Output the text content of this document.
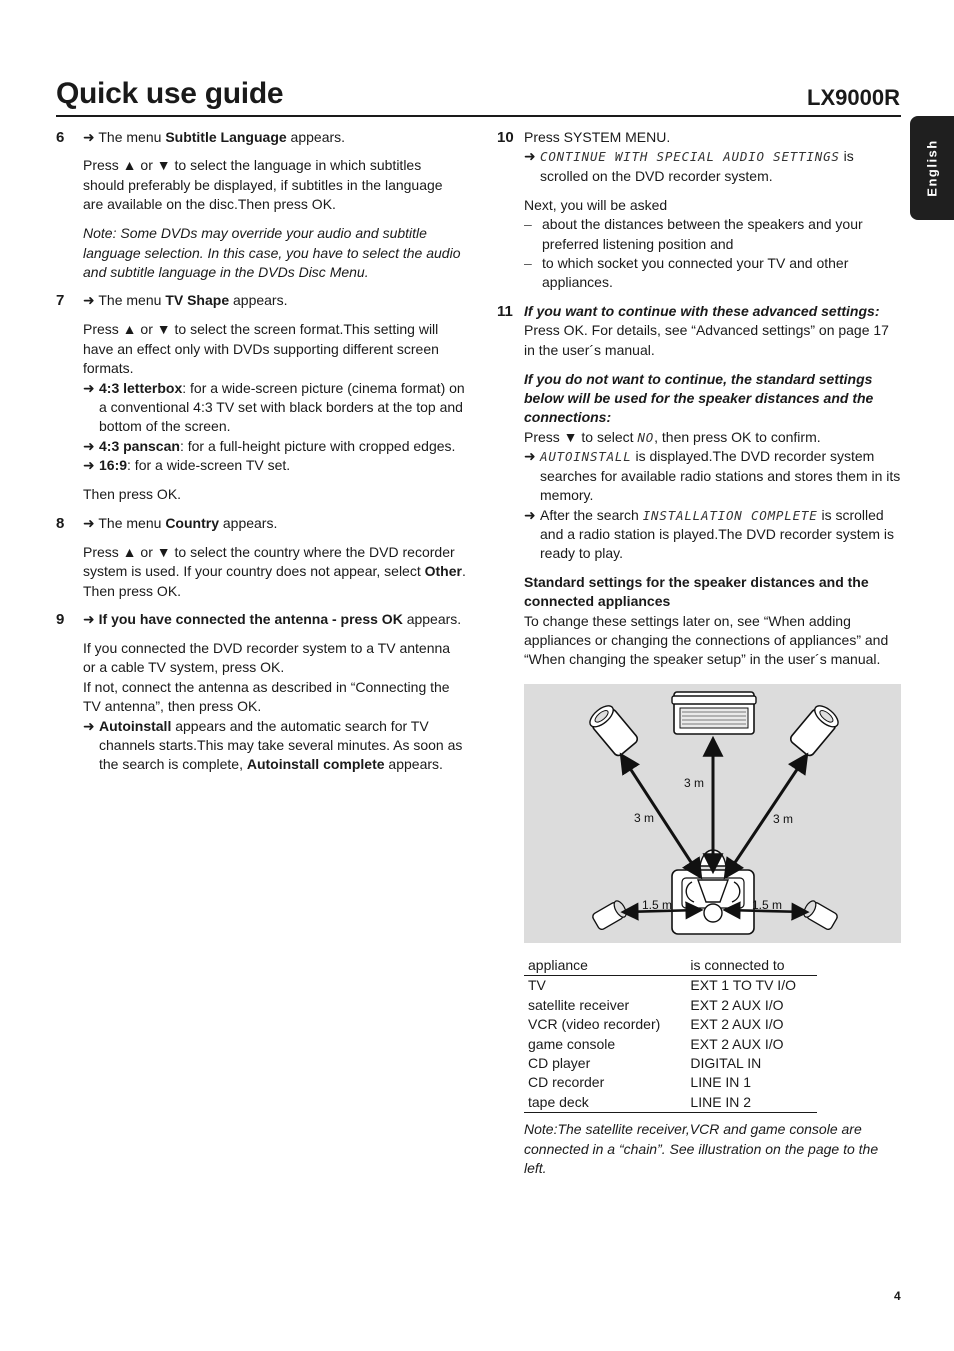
Quick use guide	LX9000R
English
6 ➜ The menu Subtitle Language appears.

Press ▲ or ▼ to select the language in which subtitles should preferably be displayed, if subtitles in the language are available on the disc.Then press OK.

Note: Some DVDs may override your audio and subtitle language selection. In this case, you have to select the audio and subtitle language in the DVDs Disc Menu.

7 ➜ The menu TV Shape appears.

Press ▲ or ▼ to select the screen format.This setting will have an effect only with DVDs supporting different screen formats.

➜ 4:3 letterbox: for a wide-screen picture (cinema format) on a conventional 4:3 TV set with black borders at the top and bottom of the screen.

➜ 4:3 panscan: for a full-height picture with cropped edges.

➜ 16:9: for a wide-screen TV set.

Then press OK.

8 ➜ The menu Country appears.

Press ▲ or ▼ to select the country where the DVD recorder system is used. If your country does not appear, select Other. Then press OK.

9 ➜ If you have connected the antenna - press OK appears.

If you connected the DVD recorder system to a TV antenna or a cable TV system, press OK.

If not, connect the antenna as described in “Connecting the TV antenna”, then press OK.

➜ Autoinstall appears and the automatic search for TV channels starts.This may take several minutes. As soon as the search is complete, Autoinstall complete appears.

10 Press SYSTEM MENU.

➜ CONTINUE WITH SPECIAL AUDIO SETTINGS is scrolled on the DVD recorder system.

Next, you will be asked

– about the distances between the speakers and your preferred listening position and

– to which socket you connected your TV and other appliances.

11 If you want to continue with these advanced settings:

Press OK. For details, see “Advanced settings” on page 17 in the user´s manual.

If you do not want to continue, the standard settings below will be used for the speaker distances and the connections:

Press ▼ to select NO, then press OK to confirm.

➜ AUTOINSTALL is displayed.The DVD recorder system searches for available radio stations and stores them in its memory.

➜ After the search INSTALLATION COMPLETE is scrolled and a radio station is played.The DVD recorder system is ready to play.

Standard settings for the speaker distances and the connected appliances

To change these settings later on, see “When adding appliances or changing the connections of appliances” and “When changing the speaker setup” in the user´s manual.

3 m
3 m	3 m
1.5 m	1.5 m
appliance	is connected to
TV	EXT 1 TO TV I/O
satellite receiver	EXT 2 AUX I/O
VCR (video recorder)	EXT 2 AUX I/O
game console	EXT 2 AUX I/O
CD player	DIGITAL IN
CD recorder	LINE IN 1
tape deck	LINE IN 2

Note:The satellite receiver,VCR and game console are connected in a “chain”. See illustration on the page to the left.

4
